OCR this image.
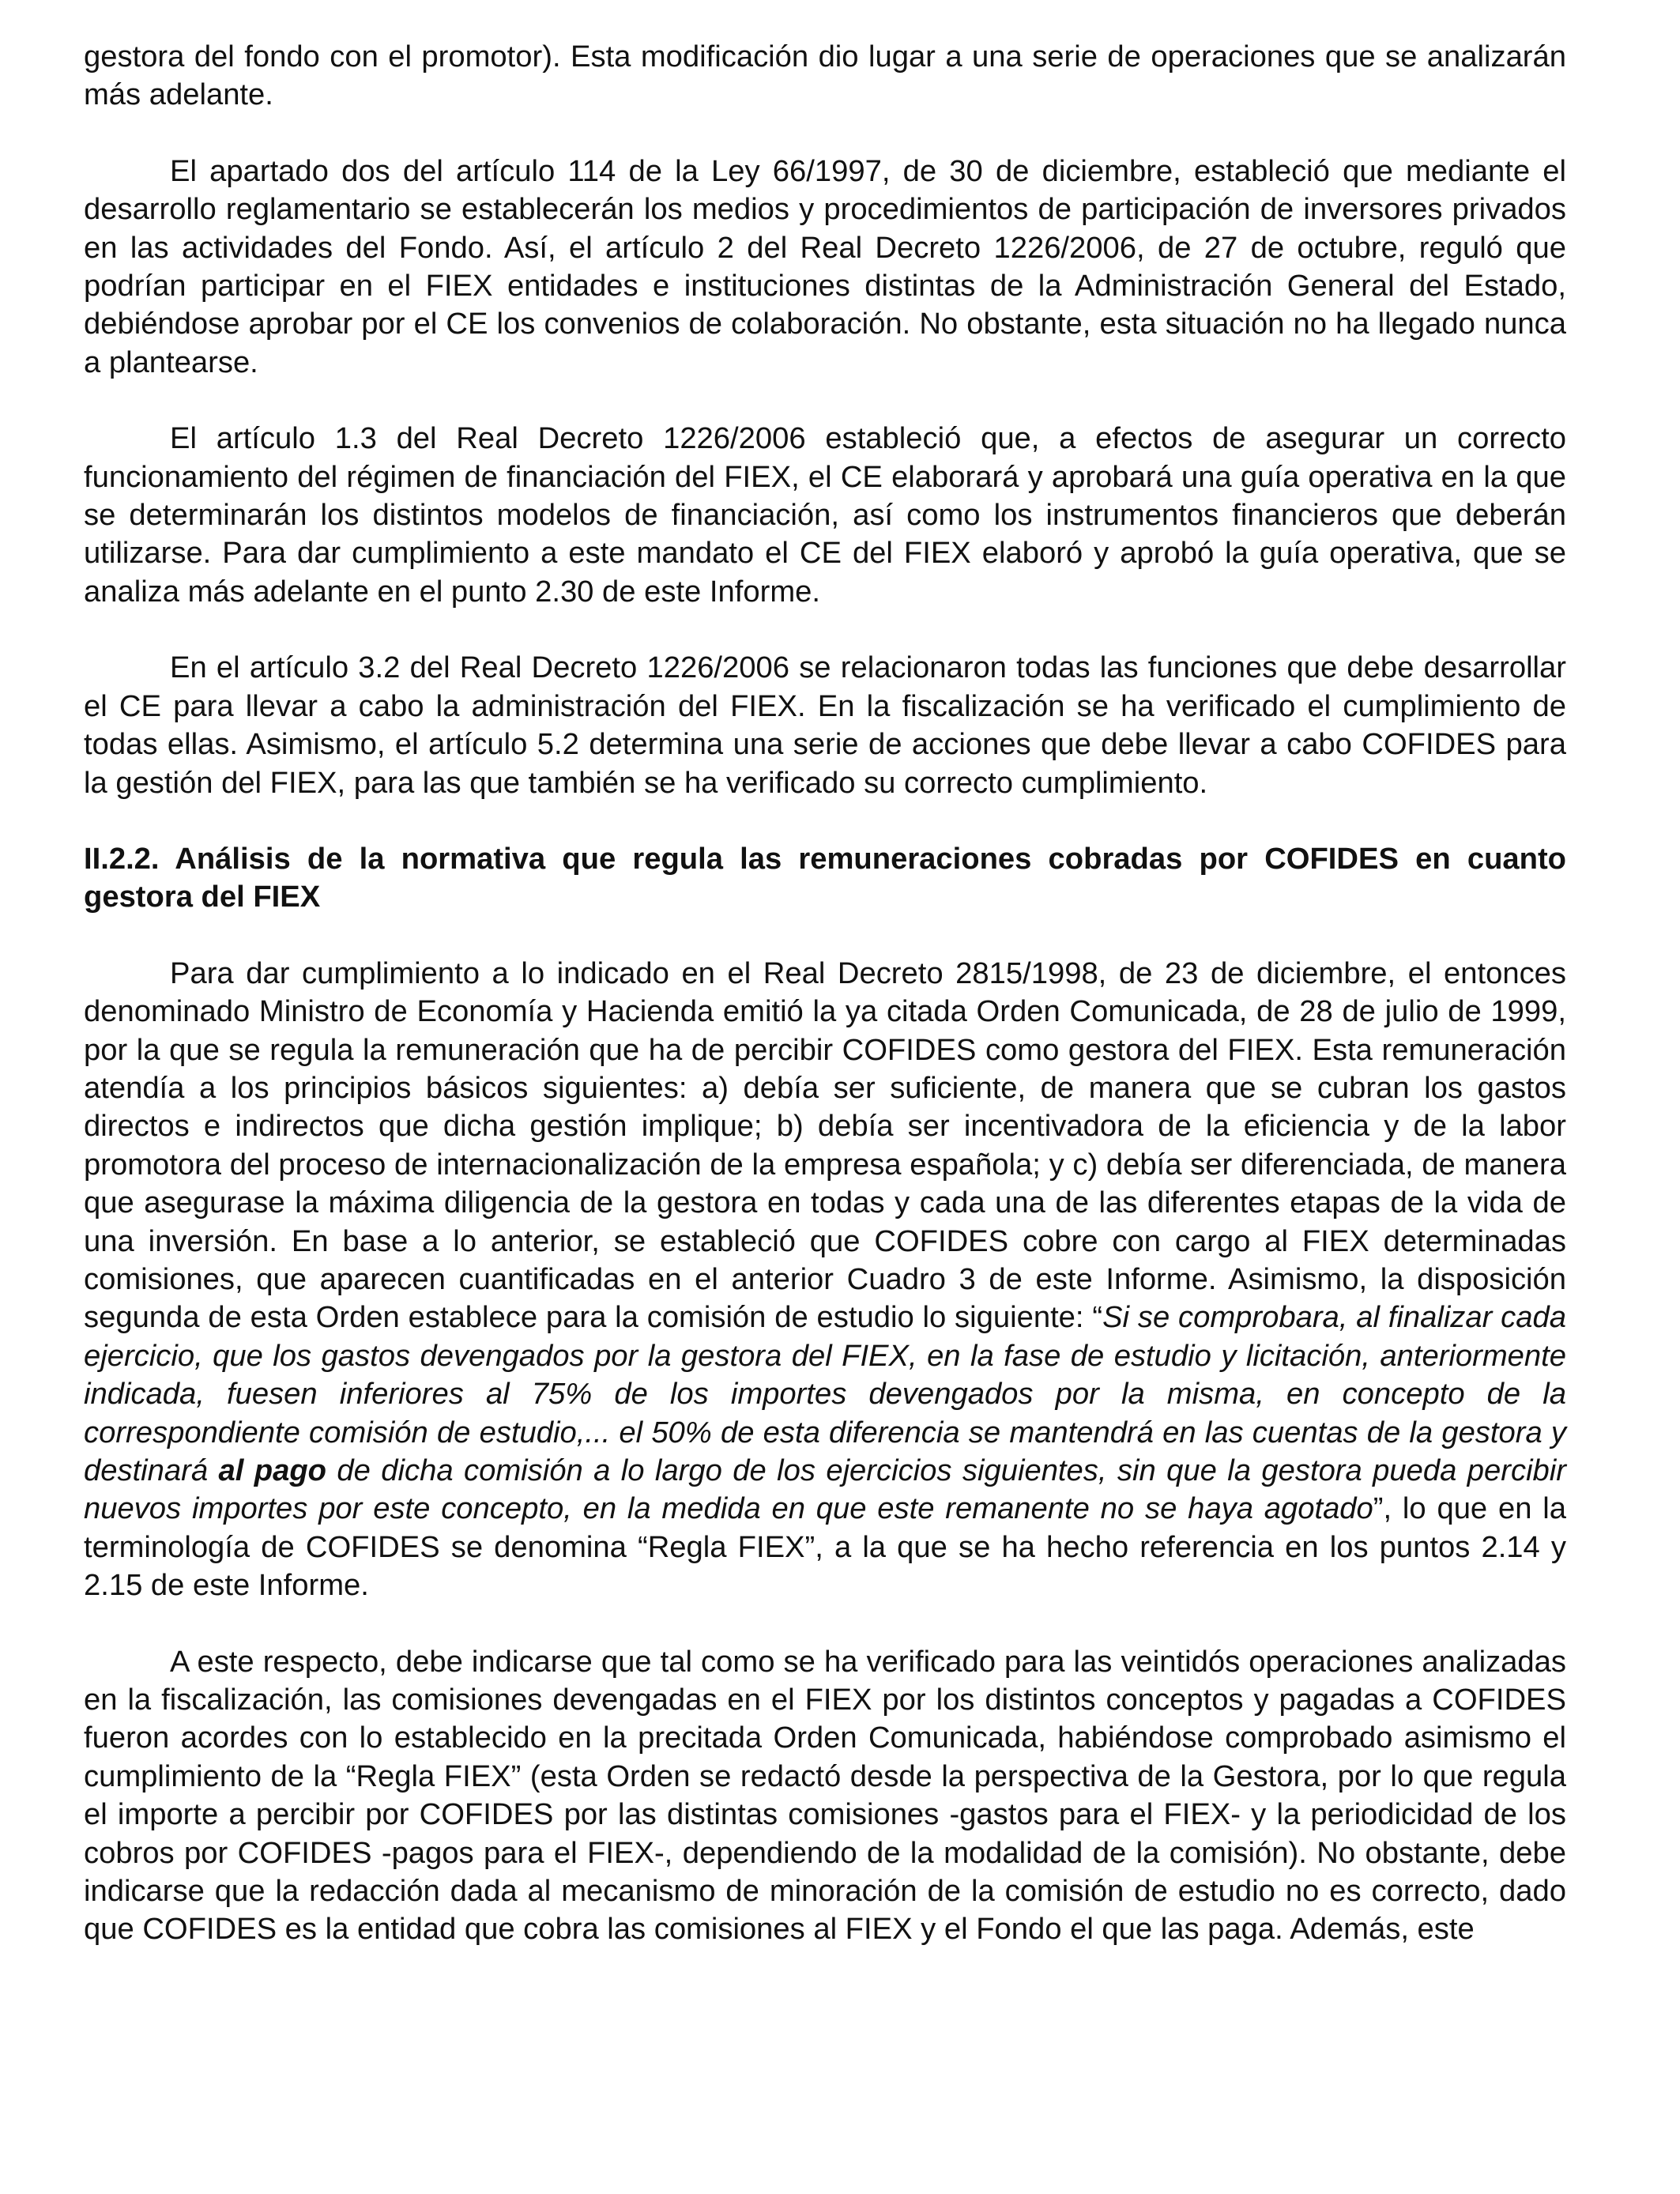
gestora del fondo con el promotor). Esta modificación dio lugar a una serie de operaciones que se analizarán más adelante.

El apartado dos del artículo 114 de la Ley 66/1997, de 30 de diciembre, estableció que mediante el desarrollo reglamentario se establecerán los medios y procedimientos de participación de inversores privados en las actividades del Fondo. Así, el artículo 2 del Real Decreto 1226/2006, de 27 de octubre, reguló que podrían participar en el FIEX entidades e instituciones distintas de la Administración General del Estado, debiéndose aprobar por el CE los convenios de colaboración. No obstante, esta situación no ha llegado nunca a plantearse.

El artículo 1.3 del Real Decreto 1226/2006 estableció que, a efectos de asegurar un correcto funcionamiento del régimen de financiación del FIEX, el CE elaborará y aprobará una guía operativa en la que se determinarán los distintos modelos de financiación, así como los instrumentos financieros que deberán utilizarse. Para dar cumplimiento a este mandato el CE del FIEX elaboró y aprobó la guía operativa, que se analiza más adelante en el punto 2.30 de este Informe.

En el artículo 3.2 del Real Decreto 1226/2006 se relacionaron todas las funciones que debe desarrollar el CE para llevar a cabo la administración del FIEX. En la fiscalización se ha verificado el cumplimiento de todas ellas. Asimismo, el artículo 5.2 determina una serie de acciones que debe llevar a cabo COFIDES para la gestión del FIEX, para las que también se ha verificado su correcto cumplimiento.

II.2.2. Análisis de la normativa que regula las remuneraciones cobradas por COFIDES en cuanto gestora del FIEX

Para dar cumplimiento a lo indicado en el Real Decreto 2815/1998, de 23 de diciembre, el entonces denominado Ministro de Economía y Hacienda emitió la ya citada Orden Comunicada, de 28 de julio de 1999, por la que se regula la remuneración que ha de percibir COFIDES como gestora del FIEX. Esta remuneración atendía a los principios básicos siguientes: a) debía ser suficiente, de manera que se cubran los gastos directos e indirectos que dicha gestión implique; b) debía ser incentivadora de la eficiencia y de la labor promotora del proceso de internacionalización de la empresa española; y c) debía ser diferenciada, de manera que asegurase la máxima diligencia de la gestora en todas y cada una de las diferentes etapas de la vida de una inversión. En base a lo anterior, se estableció que COFIDES cobre con cargo al FIEX determinadas comisiones, que aparecen cuantificadas en el anterior Cuadro 3 de este Informe. Asimismo, la disposición segunda de esta Orden establece para la comisión de estudio lo siguiente: “Si se comprobara, al finalizar cada ejercicio, que los gastos devengados por la gestora del FIEX, en la fase de estudio y licitación, anteriormente indicada, fuesen inferiores al 75% de los importes devengados por la misma, en concepto de la correspondiente comisión de estudio,... el 50% de esta diferencia se mantendrá en las cuentas de la gestora y destinará al pago de dicha comisión a lo largo de los ejercicios siguientes, sin que la gestora pueda percibir nuevos importes por este concepto, en la medida en que este remanente no se haya agotado”, lo que en la terminología de COFIDES se denomina “Regla FIEX”, a la que se ha hecho referencia en los puntos 2.14 y 2.15 de este Informe.

A este respecto, debe indicarse que tal como se ha verificado para las veintidós operaciones analizadas en la fiscalización, las comisiones devengadas en el FIEX por los distintos conceptos y pagadas a COFIDES fueron acordes con lo establecido en la precitada Orden Comunicada, habiéndose comprobado asimismo el cumplimiento de la “Regla FIEX” (esta Orden se redactó desde la perspectiva de la Gestora, por lo que regula el importe a percibir por COFIDES por las distintas comisiones -gastos para el FIEX- y la periodicidad de los cobros por COFIDES -pagos para el FIEX-, dependiendo de la modalidad de la comisión). No obstante, debe indicarse que la redacción dada al mecanismo de minoración de la comisión de estudio no es correcto, dado que COFIDES es la entidad que cobra las comisiones al FIEX y el Fondo el que las paga. Además, este
